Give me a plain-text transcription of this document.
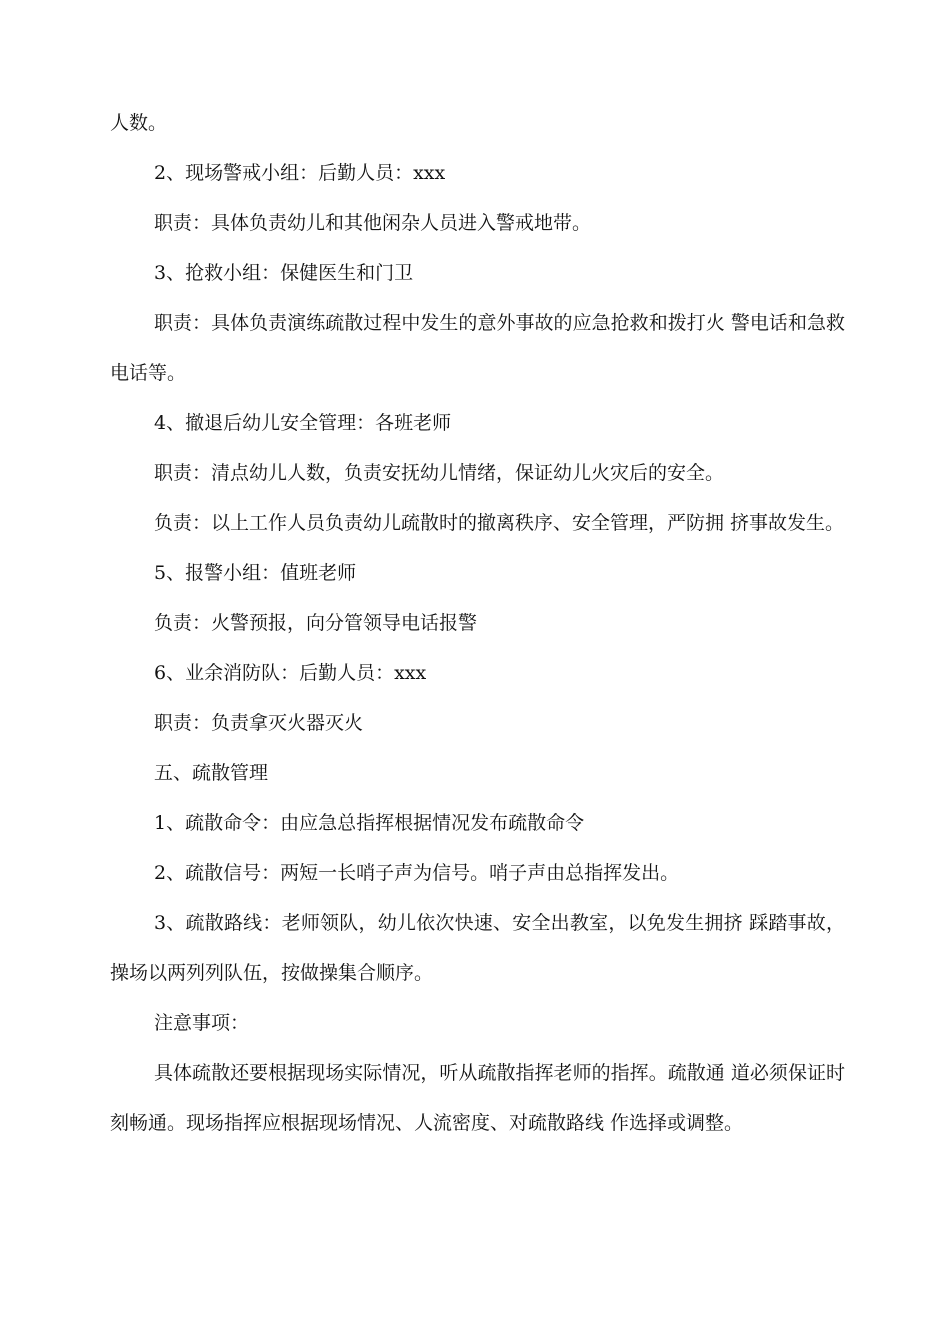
人数。

2、现场警戒小组：后勤人员：xxx

职责：具体负责幼儿和其他闲杂人员进入警戒地带。

3、抢救小组：保健医生和门卫

职责：具体负责演练疏散过程中发生的意外事故的应急抢救和拨打火 警电话和急救电话等。

4、撤退后幼儿安全管理：各班老师

职责：清点幼儿人数，负责安抚幼儿情绪，保证幼儿火灾后的安全。

负责：以上工作人员负责幼儿疏散时的撤离秩序、安全管理，严防拥 挤事故发生。

5、报警小组：值班老师

负责：火警预报，向分管领导电话报警

6、业余消防队：后勤人员：xxx

职责：负责拿灭火器灭火

五、疏散管理

1、疏散命令：由应急总指挥根据情况发布疏散命令

2、疏散信号：两短一长哨子声为信号。哨子声由总指挥发出。

3、疏散路线：老师领队，幼儿依次快速、安全出教室，以免发生拥挤 踩踏事故，操场以两列列队伍，按做操集合顺序。

注意事项：

具体疏散还要根据现场实际情况，听从疏散指挥老师的指挥。疏散通 道必须保证时刻畅通。现场指挥应根据现场情况、人流密度、对疏散路线 作选择或调整。
